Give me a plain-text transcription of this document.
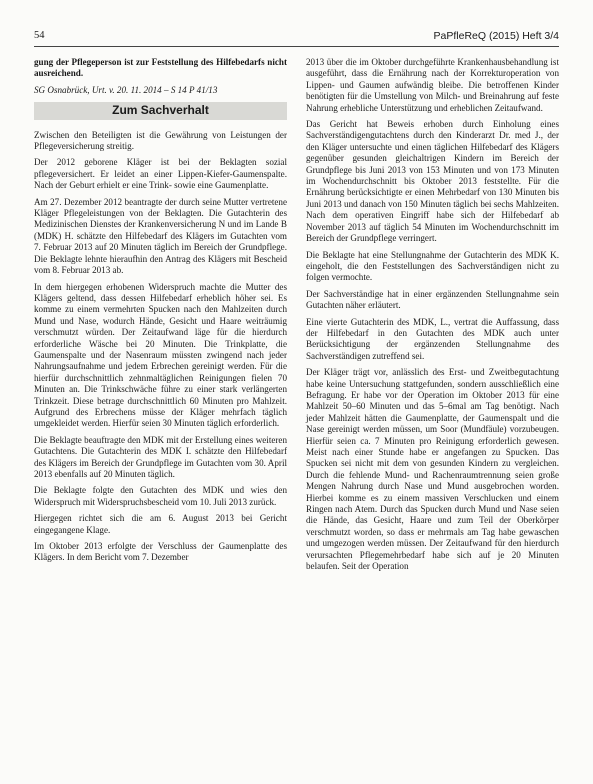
54	PaPfleReQ (2015) Heft 3/4

gung der Pflegeperson ist zur Feststellung des Hilfebedarfs nicht ausreichend.

SG Osnabrück, Urt. v. 20. 11. 2014 – S 14 P 41/13

Zum Sachverhalt

Zwischen den Beteiligten ist die Gewährung von Leistungen der Pflegeversicherung streitig.

Der 2012 geborene Kläger ist bei der Beklagten sozial pflegeversichert. Er leidet an einer Lippen-Kiefer-Gaumenspalte. Nach der Geburt erhielt er eine Trink- sowie eine Gaumenplatte.

Am 27. Dezember 2012 beantragte der durch seine Mutter vertretene Kläger Pflegeleistungen von der Beklagten. Die Gutachterin des Medizinischen Dienstes der Krankenversicherung N und im Lande B (MDK) H. schätzte den Hilfebedarf des Klägers im Gutachten vom 7. Februar 2013 auf 20 Minuten täglich im Bereich der Grundpflege. Die Beklagte lehnte hieraufhin den Antrag des Klägers mit Bescheid vom 8. Februar 2013 ab.

In dem hiergegen erhobenen Widerspruch machte die Mutter des Klägers geltend, dass dessen Hilfebedarf erheblich höher sei. Es komme zu einem vermehrten Spucken nach den Mahlzeiten durch Mund und Nase, wodurch Hände, Gesicht und Haare weiträumig verschmutzt würden. Der Zeitaufwand läge für die hierdurch erforderliche Wäsche bei 20 Minuten. Die Trinkplatte, die Gaumenspalte und der Nasenraum müssten zwingend nach jeder Nahrungsaufnahme und jedem Erbrechen gereinigt werden. Für die hierfür durchschnittlich zehnmaltäglichen Reinigungen fielen 70 Minuten an. Die Trinkschwäche führe zu einer stark verlängerten Trinkzeit. Diese betrage durchschnittlich 60 Minuten pro Mahlzeit. Aufgrund des Erbrechens müsse der Kläger mehrfach täglich umgekleidet werden. Hierfür seien 30 Minuten täglich erforderlich.

Die Beklagte beauftragte den MDK mit der Erstellung eines weiteren Gutachtens. Die Gutachterin des MDK I. schätzte den Hilfebedarf des Klägers im Bereich der Grundpflege im Gutachten vom 30. April 2013 ebenfalls auf 20 Minuten täglich.

Die Beklagte folgte den Gutachten des MDK und wies den Widerspruch mit Widerspruchsbescheid vom 10. Juli 2013 zurück.

Hiergegen richtet sich die am 6. August 2013 bei Gericht eingegangene Klage.

Im Oktober 2013 erfolgte der Verschluss der Gaumenplatte des Klägers. In dem Bericht vom 7. Dezember

2013 über die im Oktober durchgeführte Krankenhausbehandlung ist ausgeführt, dass die Ernährung nach der Korrekturoperation von Lippen- und Gaumen aufwändig bleibe. Die betroffenen Kinder benötigten für die Umstellung von Milch- und Breinahrung auf feste Nahrung erhebliche Unterstützung und erheblichen Zeitaufwand.

Das Gericht hat Beweis erhoben durch Einholung eines Sachverständigengutachtens durch den Kinderarzt Dr. med J., der den Kläger untersuchte und einen täglichen Hilfebedarf des Klägers gegenüber gesunden gleichaltrigen Kindern im Bereich der Grundpflege bis Juni 2013 von 153 Minuten und von 173 Minuten im Wochendurchschnitt bis Oktober 2013 feststellte. Für die Ernährung berücksichtigte er einen Mehrbedarf von 130 Minuten bis Juni 2013 und danach von 150 Minuten täglich bei sechs Mahlzeiten. Nach dem operativen Eingriff habe sich der Hilfebedarf ab November 2013 auf täglich 54 Minuten im Wochendurchschnitt im Bereich der Grundpflege verringert.

Die Beklagte hat eine Stellungnahme der Gutachterin des MDK K. eingeholt, die den Feststellungen des Sachverständigen nicht zu folgen vermochte.

Der Sachverständige hat in einer ergänzenden Stellungnahme sein Gutachten näher erläutert.

Eine vierte Gutachterin des MDK, L., vertrat die Auffassung, dass der Hilfebedarf in den Gutachten des MDK auch unter Berücksichtigung der ergänzenden Stellungnahme des Sachverständigen zutreffend sei.

Der Kläger trägt vor, anlässlich des Erst- und Zweitbegutachtung habe keine Untersuchung stattgefunden, sondern ausschließlich eine Befragung. Er habe vor der Operation im Oktober 2013 für eine Mahlzeit 50–60 Minuten und das 5–6mal am Tag benötigt. Nach jeder Mahlzeit hätten die Gaumenplatte, der Gaumenspalt und die Nase gereinigt werden müssen, um Soor (Mundfäule) vorzubeugen. Hierfür seien ca. 7 Minuten pro Reinigung erforderlich gewesen. Meist nach einer Stunde habe er angefangen zu Spucken. Das Spucken sei nicht mit dem von gesunden Kindern zu vergleichen. Durch die fehlende Mund- und Rachenraumtrennung seien große Mengen Nahrung durch Nase und Mund ausgebrochen worden. Hierbei komme es zu einem massiven Verschlucken und einem Ringen nach Atem. Durch das Spucken durch Mund und Nase seien die Hände, das Gesicht, Haare und zum Teil der Oberkörper verschmutzt worden, so dass er mehrmals am Tag habe gewaschen und umgezogen werden müssen. Der Zeitaufwand für den hierdurch verursachten Pflegemehrbedarf habe sich auf je 20 Minuten belaufen. Seit der Operation
